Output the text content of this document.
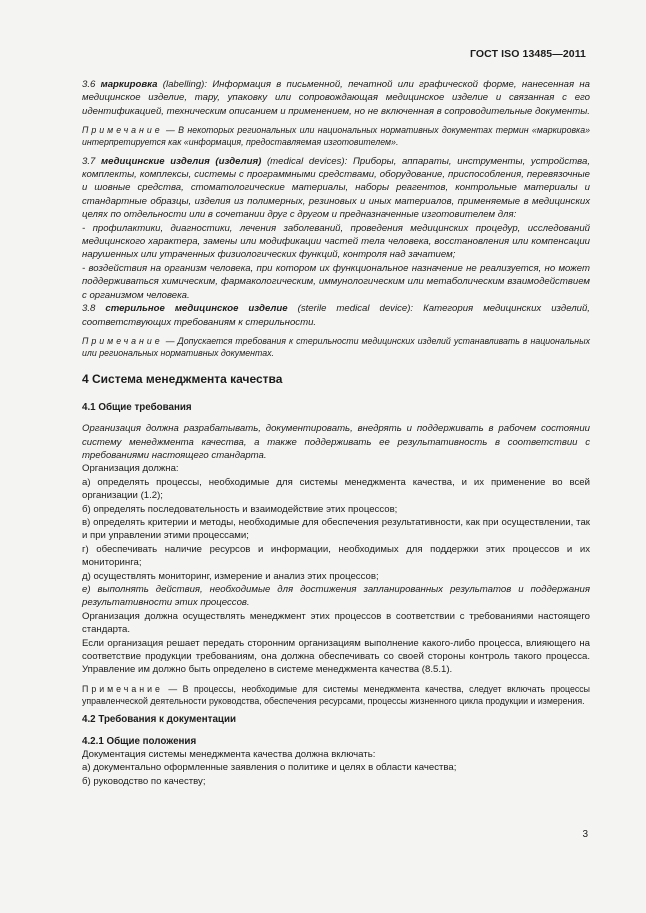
ГОСТ ISO 13485—2011

3.6 маркировка (labelling): Информация в письменной, печатной или графической форме, нанесенная на медицинское изделие, тару, упаковку или сопровождающая медицинское изделие и связанная с его идентификацией, техническим описанием и применением, но не включенная в сопроводительные документы.

Примечание — В некоторых региональных или национальных нормативных документах термин «маркировка» интерпретируется как «информация, предоставляемая изготовителем».

3.7 медицинские изделия (изделия) (medical devices): Приборы, аппараты, инструменты, устройства, комплекты, комплексы, системы с программными средствами, оборудование, приспособления, перевязочные и шовные средства, стоматологические материалы, наборы реагентов, контрольные материалы и стандартные образцы, изделия из полимерных, резиновых и иных материалов, применяемые в медицинских целях по отдельности или в сочетании друг с другом и предназначенные изготовителем для:

- профилактики, диагностики, лечения заболеваний, проведения медицинских процедур, исследований медицинского характера, замены или модификации частей тела человека, восстановления или компенсации нарушенных или утраченных физиологических функций, контроля над зачатием;

- воздействия на организм человека, при котором их функциональное назначение не реализуется, но может поддерживаться химическим, фармакологическим, иммунологическим или метаболическим взаимодействием с организмом человека.

3.8 стерильное медицинское изделие (sterile medical device): Категория медицинских изделий, соответствующих требованиям к стерильности.

Примечание — Допускается требования к стерильности медицинских изделий устанавливать в национальных или региональных нормативных документах.

4 Система менеджмента качества

4.1 Общие требования

Организация должна разрабатывать, документировать, внедрять и поддерживать в рабочем состоянии систему менеджмента качества, а также поддерживать ее результативность в соответствии с требованиями настоящего стандарта.

Организация должна:

а) определять процессы, необходимые для системы менеджмента качества, и их применение во всей организации (1.2);

б) определять последовательность и взаимодействие этих процессов;

в) определять критерии и методы, необходимые для обеспечения результативности, как при осуществлении, так и при управлении этими процессами;

г) обеспечивать наличие ресурсов и информации, необходимых для поддержки этих процессов и их мониторинга;

д) осуществлять мониторинг, измерение и анализ этих процессов;

е) выполнять действия, необходимые для достижения запланированных результатов и поддержания результативности этих процессов.

Организация должна осуществлять менеджмент этих процессов в соответствии с требованиями настоящего стандарта.

Если организация решает передать сторонним организациям выполнение какого-либо процесса, влияющего на соответствие продукции требованиям, она должна обеспечивать со своей стороны контроль такого процесса. Управление им должно быть определено в системе менеджмента качества (8.5.1).

Примечание — В процессы, необходимые для системы менеджмента качества, следует включать процессы управленческой деятельности руководства, обеспечения ресурсами, процессы жизненного цикла продукции и измерения.

4.2 Требования к документации

4.2.1 Общие положения

Документация системы менеджмента качества должна включать:

а) документально оформленные заявления о политике и целях в области качества;

б) руководство по качеству;

3
